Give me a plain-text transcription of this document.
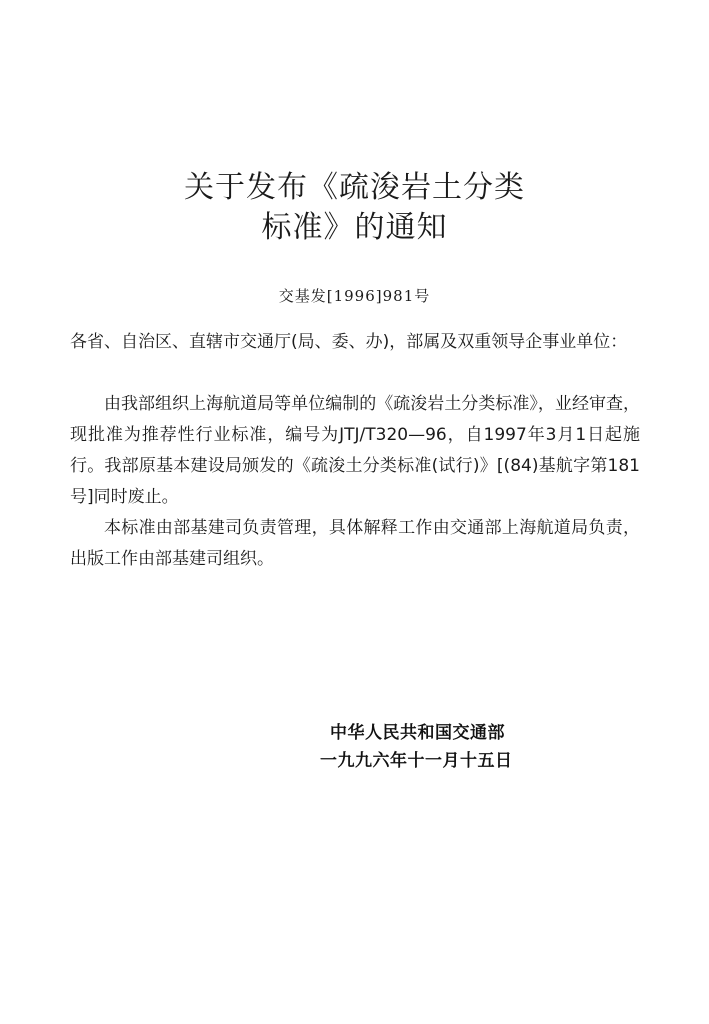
关于发布《疏浚岩土分类
标准》的通知
交基发[1996]981号
各省、自治区、直辖市交通厅(局、委、办)，部属及双重领导企事业单位：
由我部组织上海航道局等单位编制的《疏浚岩土分类标准》，业经审查，现批准为推荐性行业标准，编号为JTJ/T320—96，自1997年3月1日起施行。我部原基本建设局颁发的《疏浚土分类标准(试行)》[(84)基航字第181号]同时废止。
本标准由部基建司负责管理，具体解释工作由交通部上海航道局负责，出版工作由部基建司组织。
中华人民共和国交通部
一九九六年十一月十五日
